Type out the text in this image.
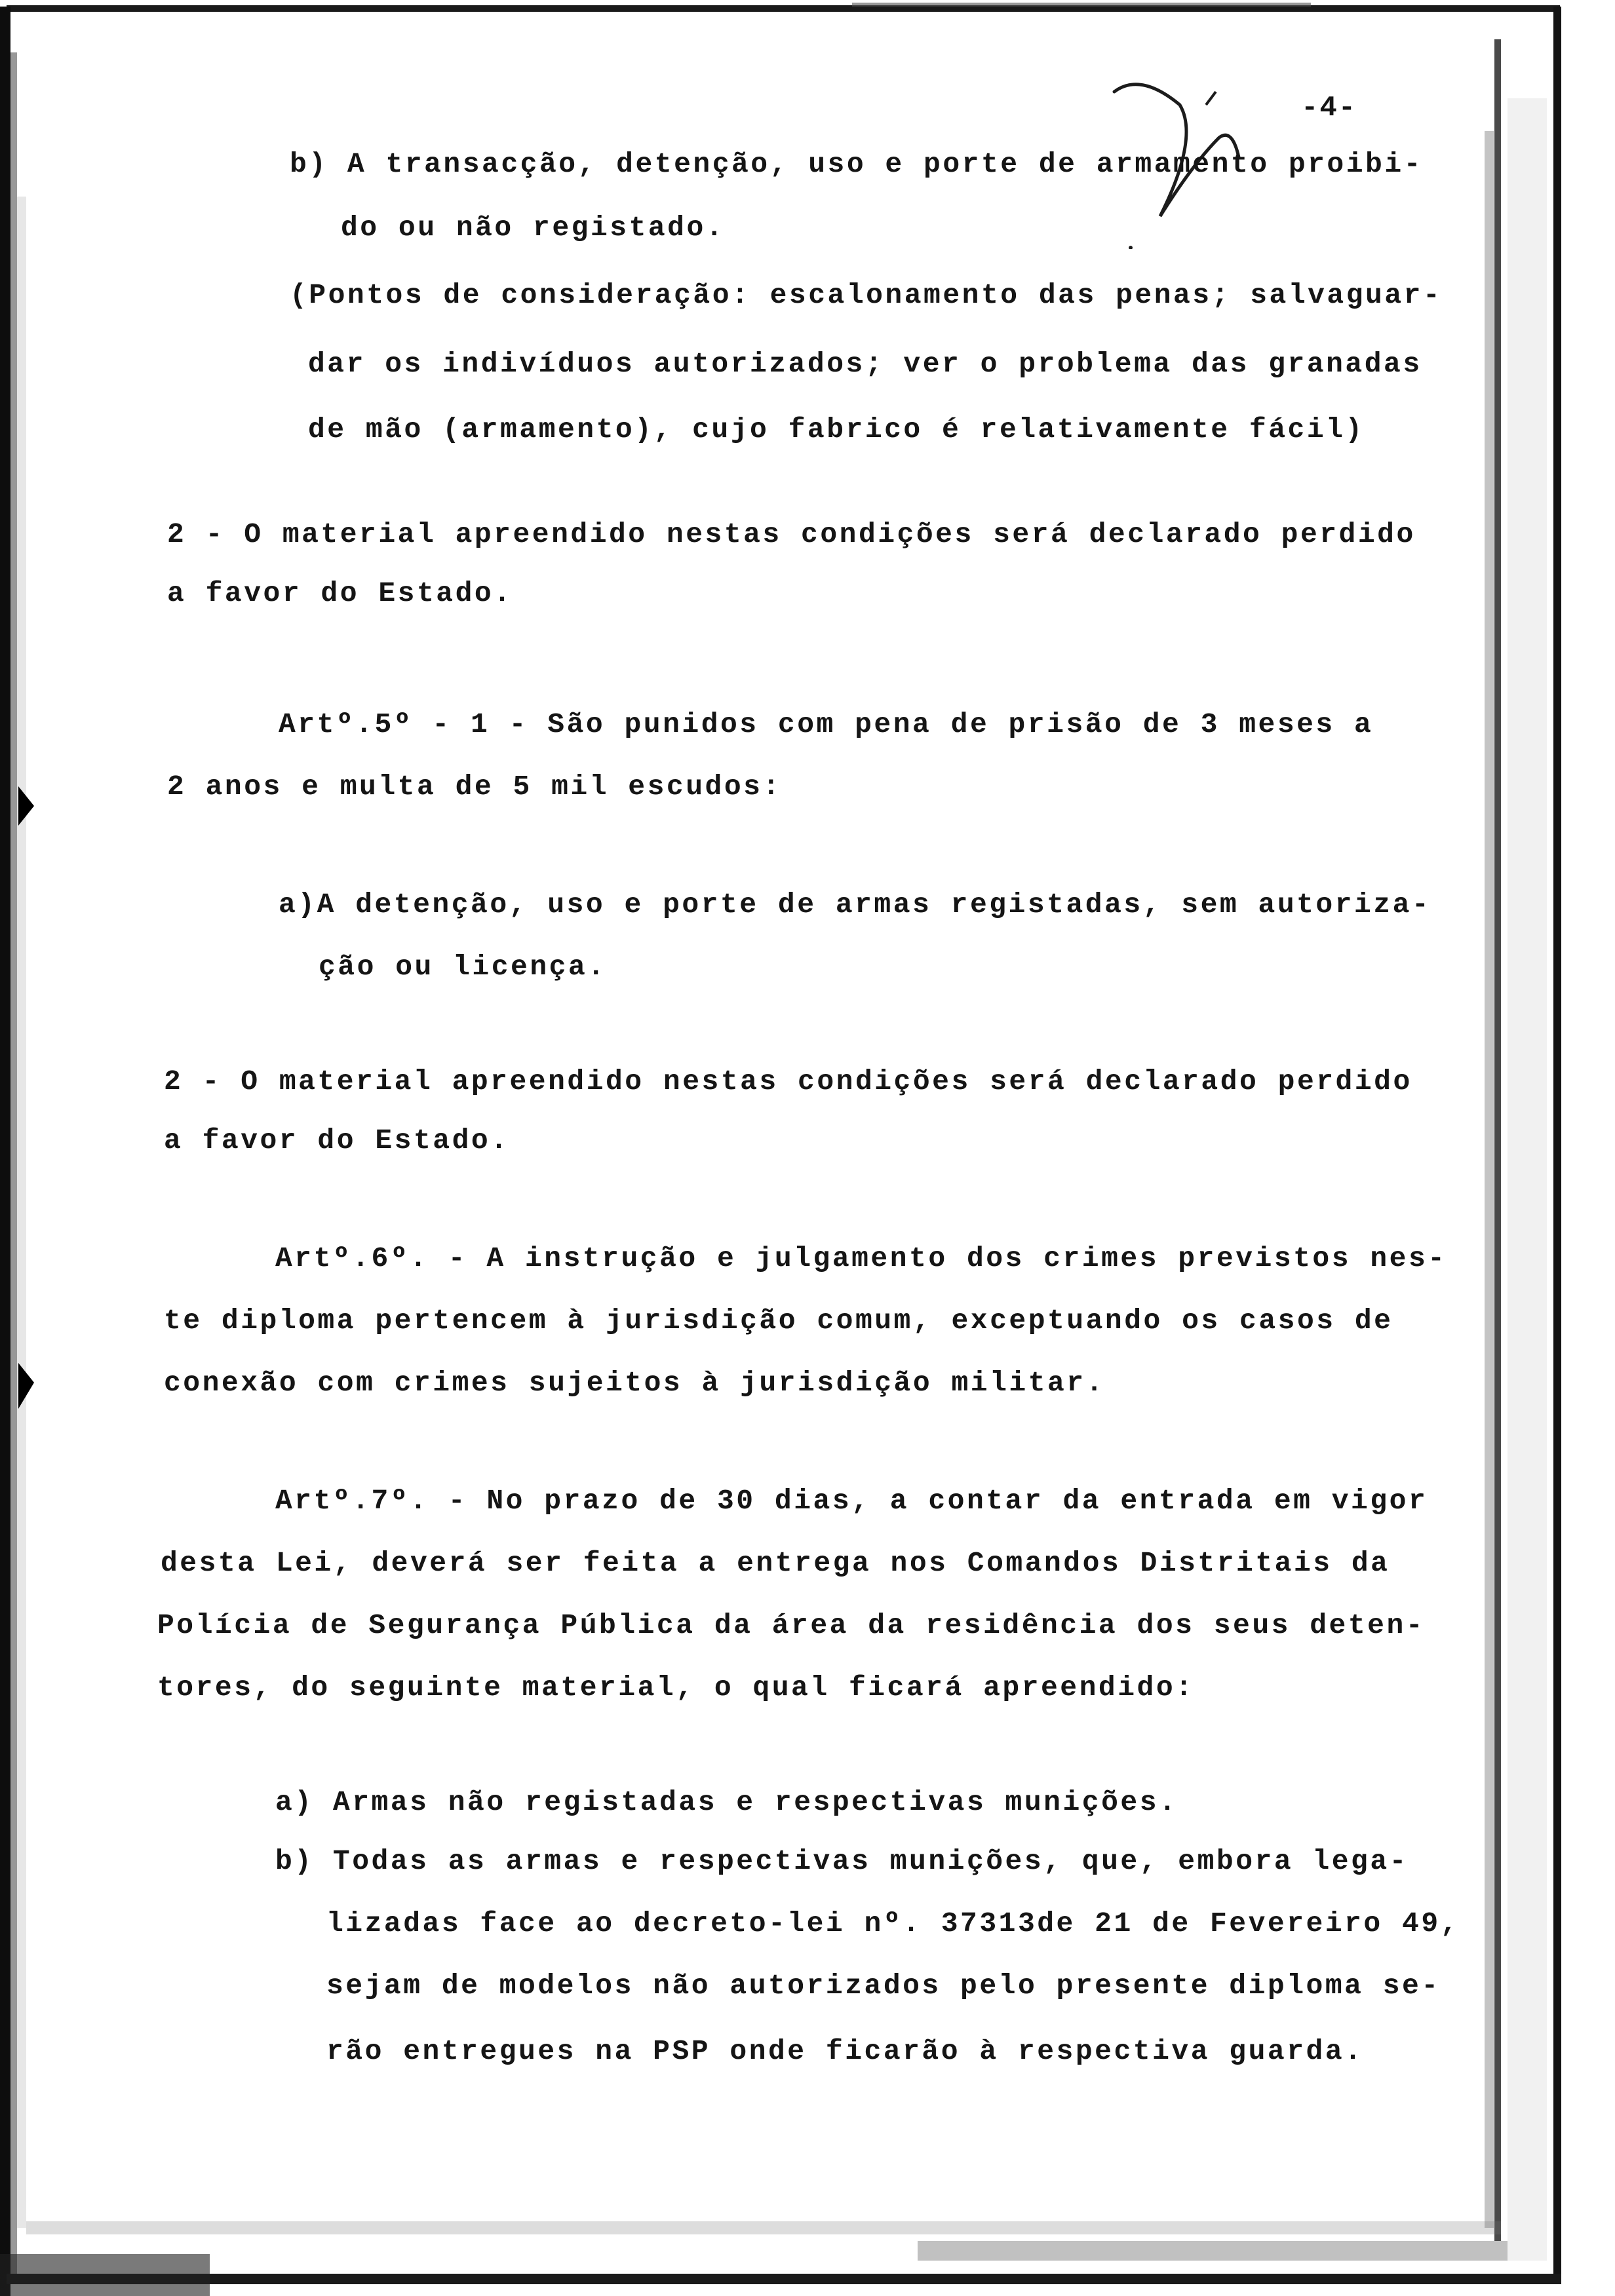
-4-
b) A transacção, detenção, uso e porte de armamento proibi-
do ou não registado.
(Pontos de consideração: escalonamento das penas; salvaguar-
dar os indivíduos autorizados; ver o problema das granadas
de mão (armamento), cujo fabrico é relativamente fácil)
2 - O material apreendido nestas condições será declarado perdido
a favor do Estado.
Artº.5º - 1 - São punidos com pena de prisão de 3 meses a
2 anos e multa de 5 mil escudos:
a)A detenção, uso e porte de armas registadas, sem autoriza-
ção ou licença.
2 - O material apreendido nestas condições será declarado perdido
a favor do Estado.
Artº.6º. - A instrução e julgamento dos crimes previstos nes-
te diploma pertencem à jurisdição comum, exceptuando os casos de
conexão com crimes sujeitos à jurisdição militar.
Artº.7º. - No prazo de 30 dias, a contar da entrada em vigor
desta Lei, deverá ser feita a entrega nos Comandos Distritais da
Polícia de Segurança Pública da área da residência dos seus deten-
tores, do seguinte material, o qual ficará apreendido:
a) Armas não registadas e respectivas munições.
b) Todas as armas e respectivas munições, que, embora lega-
lizadas face ao decreto-lei nº. 37313de 21 de Fevereiro 49,
sejam de modelos não autorizados pelo presente diploma se-
rão entregues na PSP onde ficarão à respectiva guarda.
